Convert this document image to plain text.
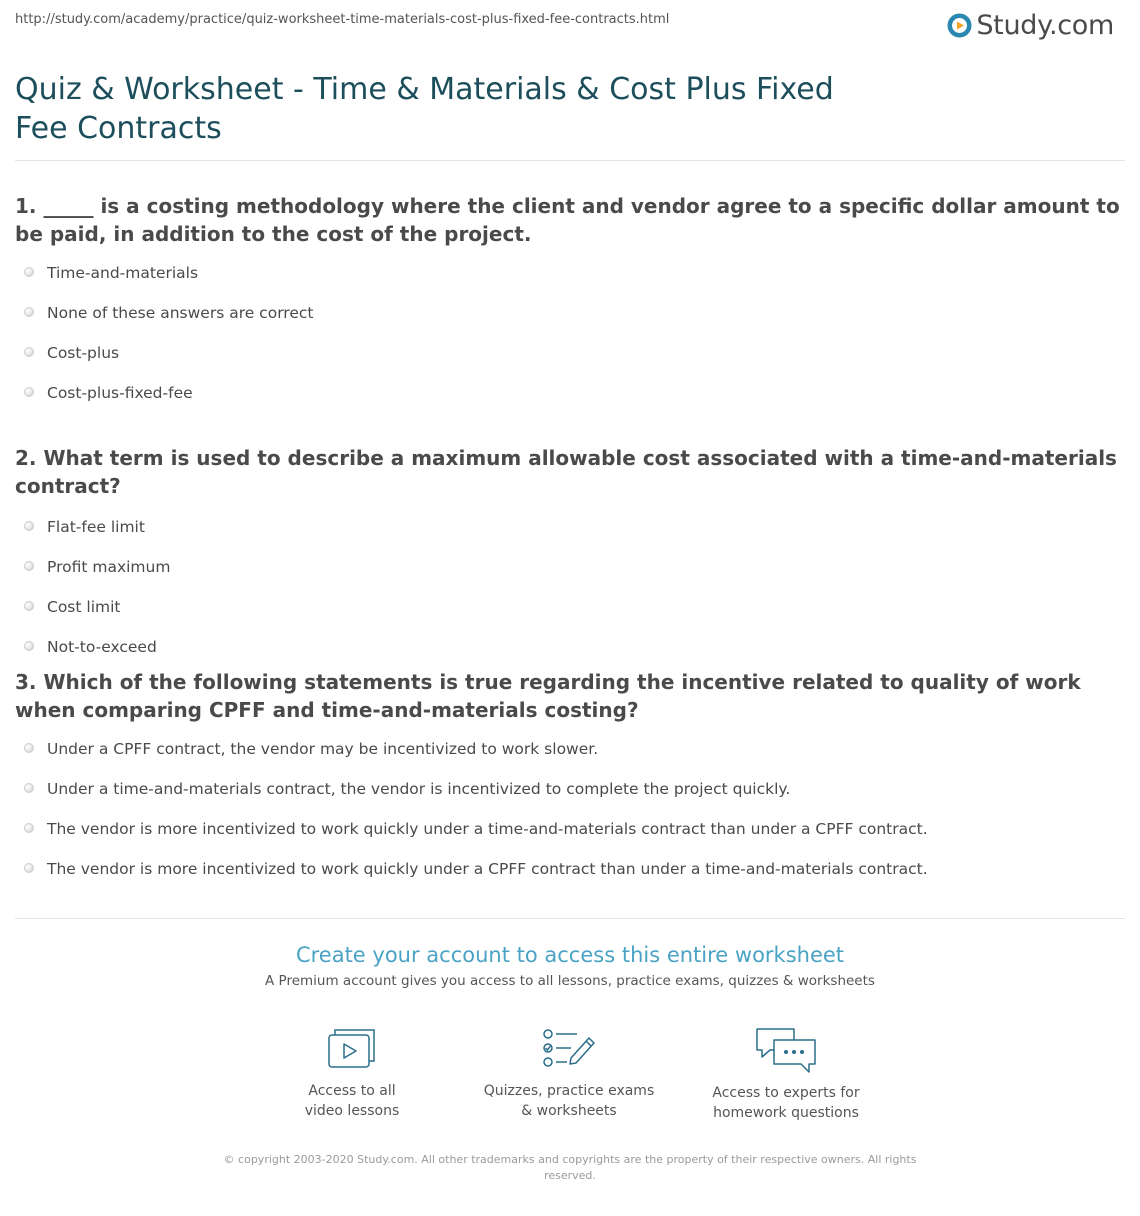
http://study.com/academy/practice/quiz-worksheet-time-materials-cost-plus-fixed-fee-contracts.html	Study.com
Quiz & Worksheet - Time & Materials & Cost Plus Fixed Fee Contracts

1. _____ is a costing methodology where the client and vendor agree to a specific dollar amount to be paid, in addition to the cost of the project.

Time-and-materials
None of these answers are correct
Cost-plus
Cost-plus-fixed-fee

2. What term is used to describe a maximum allowable cost associated with a time-and-materials contract?

Flat-fee limit
Profit maximum
Cost limit
Not-to-exceed

3. Which of the following statements is true regarding the incentive related to quality of work when comparing CPFF and time-and-materials costing?

Under a CPFF contract, the vendor may be incentivized to work slower.
Under a time-and-materials contract, the vendor is incentivized to complete the project quickly.
The vendor is more incentivized to work quickly under a time-and-materials contract than under a CPFF contract.
The vendor is more incentivized to work quickly under a CPFF contract than under a time-and-materials contract.
Create your account to access this entire worksheet
A Premium account gives you access to all lessons, practice exams, quizzes & worksheets
Access to all
video lessons
Quizzes, practice exams
& worksheets
Access to experts for
homework questions
© copyright 2003-2020 Study.com. All other trademarks and copyrights are the property of their respective owners. All rights reserved.
